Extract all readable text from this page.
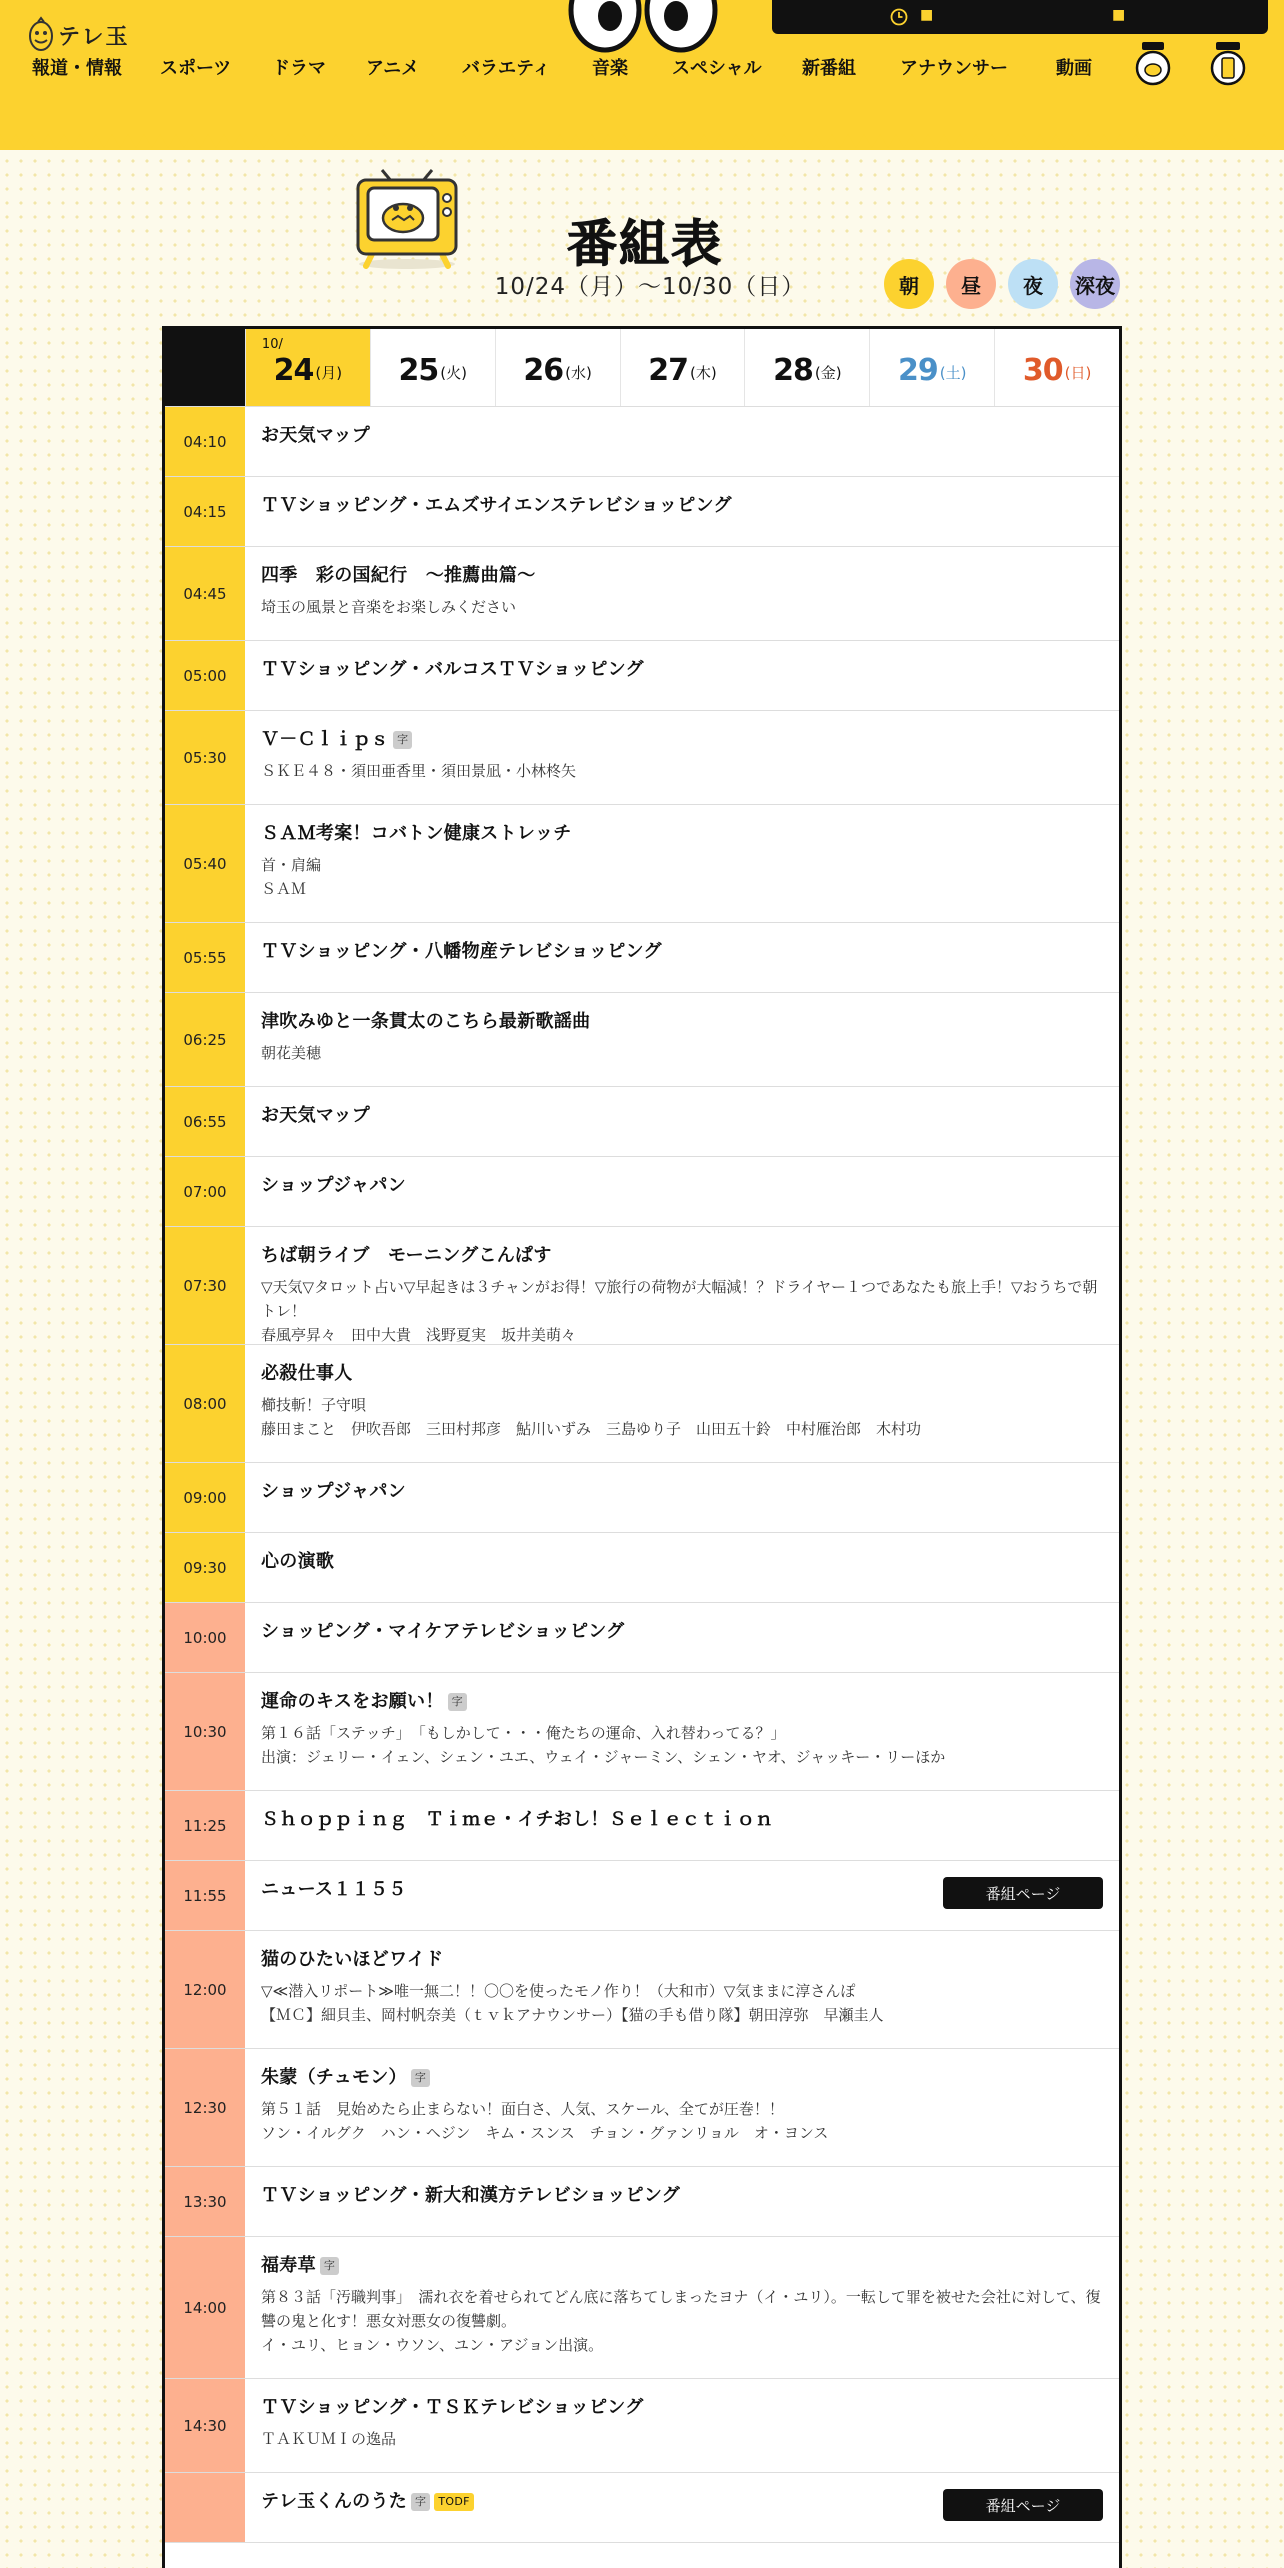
テレ玉
■	■
報道・情報 スポーツ ドラマ アニメ バラエティ 音楽 スペシャル 新番組 アナウンサー	動画
番組表
10/24（月）〜10/30（日）	朝	昼	夜	深夜
10/
24 (月) 25 (火) 26 (水) 27 (木) 28 (金) 29 (土) 30 (日)
04:10	お天気マップ
04:15	ＴＶショッピング・エムズサイエンステレビショッピング
04:45
四季　彩の国紀行　～推薦曲篇～
埼玉の風景と音楽をお楽しみください
05:00	ＴＶショッピング・バルコスＴＶショッピング
05:30
Ｖ－Ｃｌｉｐｓ 字
ＳＫＥ４８・須田亜香里・須田景凪・小林柊矢
05:40
ＳＡＭ考案！コバトン健康ストレッチ
首・肩編
ＳＡＭ
05:55	ＴＶショッピング・八幡物産テレビショッピング
06:25
津吹みゆと一条貫太のこちら最新歌謡曲
朝花美穂
06:55	お天気マップ
07:00	ショップジャパン
07:30
ちば朝ライブ　モーニングこんぱす
▽天気▽タロット占い▽早起きは３チャンがお得！▽旅行の荷物が大幅減！？ドライヤー１つであなたも旅上手！▽おうちで朝トレ！
春風亭昇々　田中大貴　浅野夏実　坂井美萌々
08:00
必殺仕事人
櫛技斬！子守唄
藤田まこと　伊吹吾郎　三田村邦彦　鮎川いずみ　三島ゆり子　山田五十鈴　中村雁治郎　木村功
09:00	ショップジャパン
09:30	心の演歌
10:00	ショッピング・マイケアテレビショッピング
10:30
運命のキスをお願い！ 字
第１６話「ステッチ」　「もしかして・・・俺たちの運命、入れ替わってる？」
出演：ジェリー・イェン、シェン・ユエ、ウェイ・ジャーミン、シェン・ヤオ、ジャッキー・リーほか
11:25	Ｓｈｏｐｐｉｎｇ　Ｔｉｍｅ・イチおし！Ｓｅｌｅｃｔｉｏｎ
11:55	ニュース１１５５	番組ページ
12:00
猫のひたいほどワイド
▽≪潜入リポート≫唯一無二！！〇〇を使ったモノ作り！（大和市）▽気ままに淳さんぽ
【ＭＣ】細貝圭、岡村帆奈美（ｔｖｋアナウンサー）【猫の手も借り隊】朝田淳弥　早瀬圭人
12:30
朱蒙（チュモン） 字
第５１話　見始めたら止まらない！面白さ、人気、スケール、全てが圧巻！！
ソン・イルグク　ハン・ヘジン　キム・スンス　チョン・グァンリョル　オ・ヨンス
13:30	ＴＶショッピング・新大和漢方テレビショッピング
14:00
福寿草 字
第８３話「汚職判事」　濡れ衣を着せられてどん底に落ちてしまったヨナ（イ・ユリ）。一転して罪を被せた会社に対して、復讐の鬼と化す！悪女対悪女の復讐劇。
イ・ユリ、ヒョン・ウソン、ユン・アジョン出演。
14:30
ＴＶショッピング・ＴＳＫテレビショッピング
ＴＡＫＵＭＩの逸品
テレ玉くんのうた 字 TODF	番組ページ
